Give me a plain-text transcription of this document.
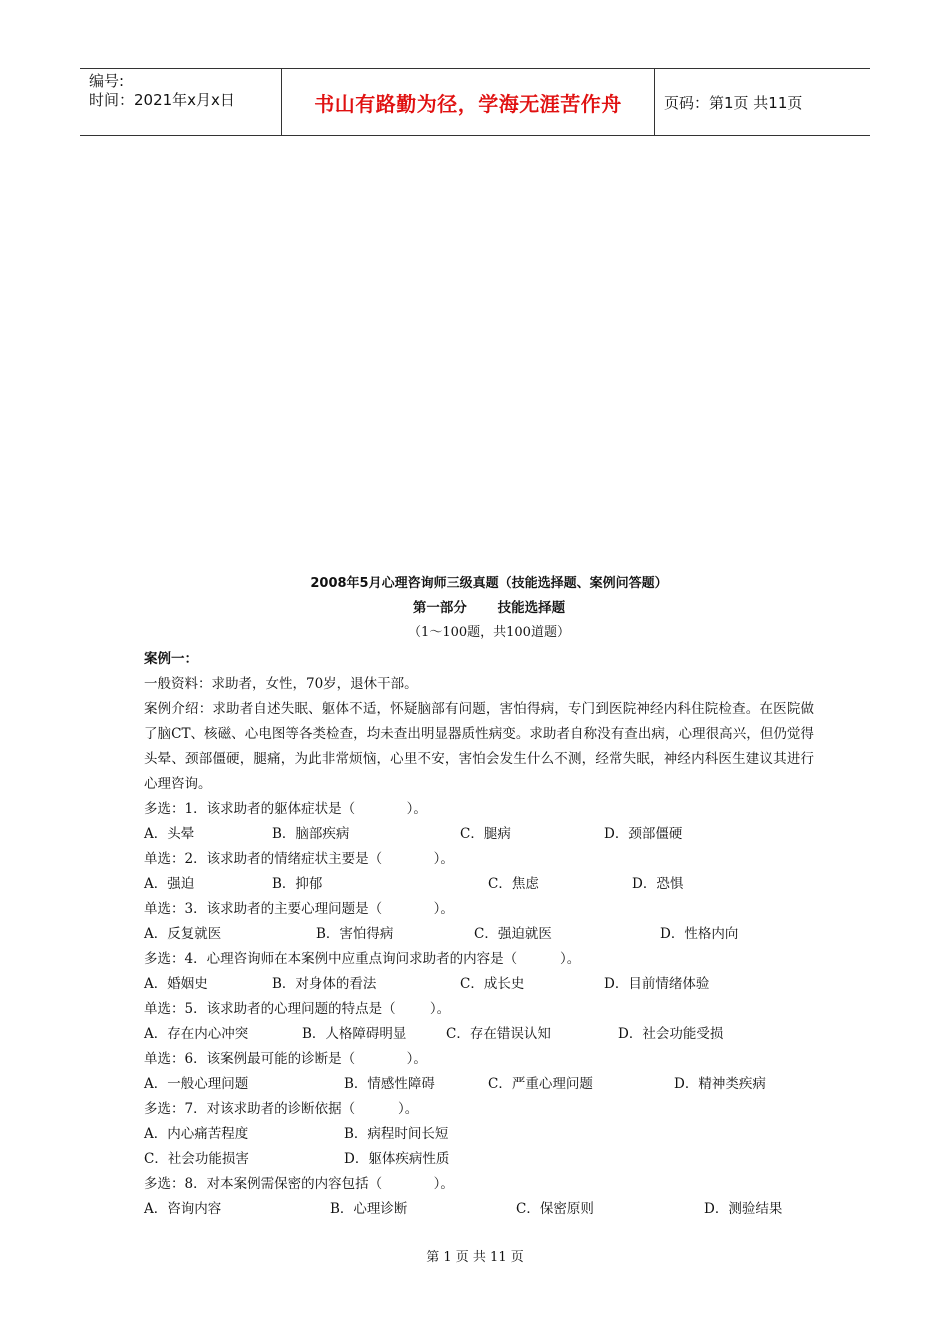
编号:
时间：2021年x月x日	书山有路勤为径，学海无涯苦作舟	页码：第1页 共11页
2008年5月心理咨询师三级真题（技能选择题、案例问答题）
第一部分 技能选择题
（1～100题，共100道题）
案例一：
一般资料：求助者，女性，70岁，退休干部。
案例介绍：求助者自述失眠、躯体不适，怀疑脑部有问题，害怕得病，专门到医院神经内科住院检查。在医院做了脑CT、核磁、心电图等各类检查，均未查出明显器质性病变。求助者自称没有查出病，心理很高兴，但仍觉得头晕、颈部僵硬，腿痛，为此非常烦恼，心里不安，害怕会发生什么不测，经常失眠，神经内科医生建议其进行心理咨询。
多选：1．该求助者的躯体症状是（            ）。
A．头晕	B．脑部疾病	C．腿病	D．颈部僵硬
单选：2．该求助者的情绪症状主要是（            ）。
A．强迫	B．抑郁	C．焦虑	D．恐惧
单选：3．该求助者的主要心理问题是（            ）。
A．反复就医	B．害怕得病	C．强迫就医	D．性格内向
多选：4．心理咨询师在本案例中应重点询问求助者的内容是（          ）。
A．婚姻史	B．对身体的看法	C．成长史	D．目前情绪体验
单选：5．该求助者的心理问题的特点是（        ）。
A．存在内心冲突	B．人格障碍明显	C．存在错误认知	D．社会功能受损
单选：6．该案例最可能的诊断是（            ）。
A．一般心理问题	B．情感性障碍	C．严重心理问题	D．精神类疾病
多选：7．对该求助者的诊断依据（          ）。
A．内心痛苦程度	B．病程时间长短
C．社会功能损害	D．躯体疾病性质
多选：8．对本案例需保密的内容包括（            ）。
A．咨询内容	B．心理诊断	C．保密原则	D．测验结果
第 1 页 共 11 页
